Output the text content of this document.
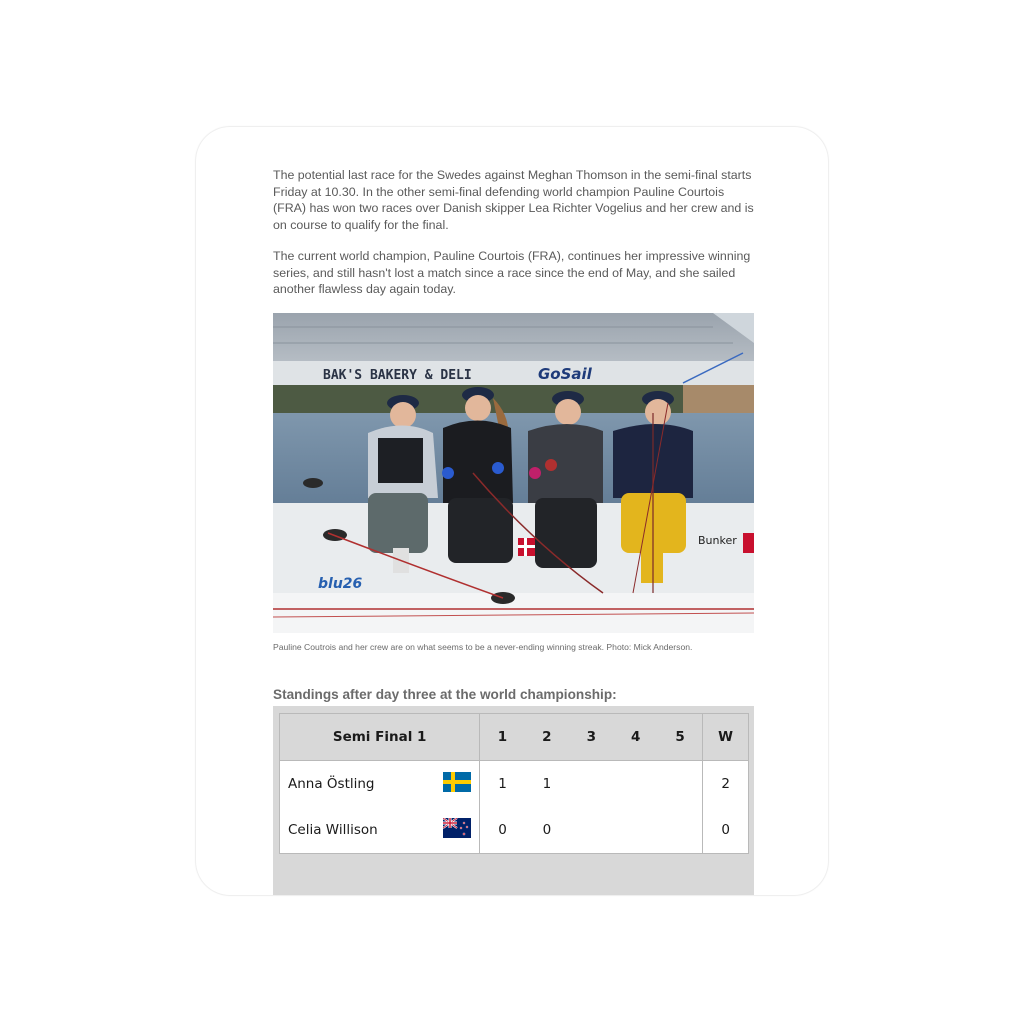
The potential last race for the Swedes against Meghan Thomson in the semi-final starts Friday at 10.30. In the other semi-final defending world champion Pauline Courtois (FRA) has won two races over Danish skipper Lea Richter Vogelius and her crew and is on course to qualify for the final.

The current world champion, Pauline Courtois (FRA), continues her impressive winning series, and still hasn't lost a match since a race since the end of May, and she sailed another flawless day again today.

BAK'S BAKERY & DELI	GoSail
Bunker
blu26
Pauline Coutrois and her crew are on what seems to be a never-ending winning streak. Photo: Mick Anderson.
Standings after day three at the world championship:
Semi Final 1	1	2	3	4	5	W
Anna Östling	1	1				2
Celia Willison	0	0				0
